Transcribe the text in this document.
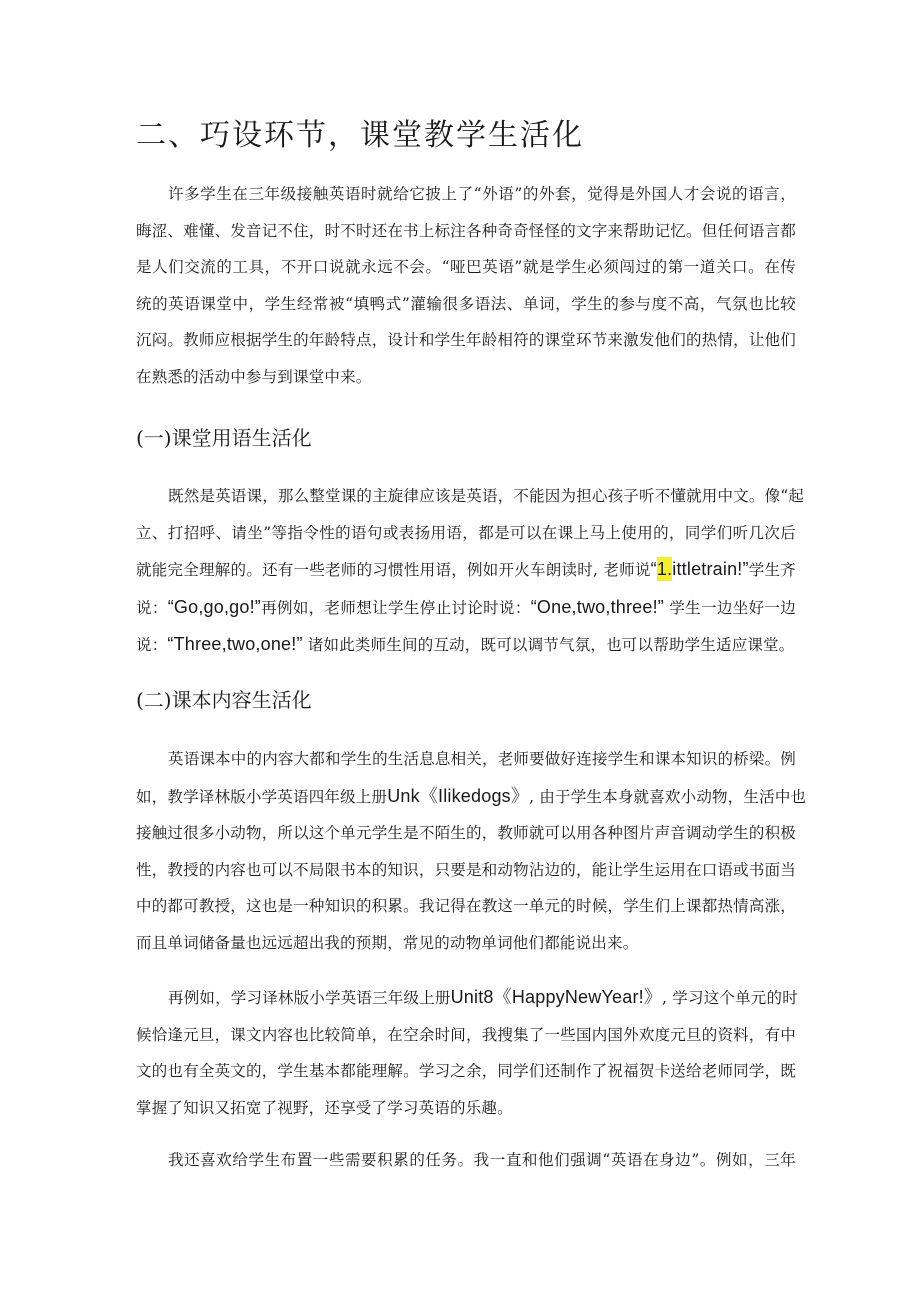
二、巧设环节，课堂教学生活化

许多学生在三年级接触英语时就给它披上了“外语”的外套，觉得是外国人才会说的语言，
晦涩、难懂、发音记不住，时不时还在书上标注各种奇奇怪怪的文字来帮助记忆。但任何语言都
是人们交流的工具，不开口说就永远不会。“哑巴英语”就是学生必须闯过的第一道关口。在传
统的英语课堂中，学生经常被“填鸭式”灌输很多语法、单词，学生的参与度不高，气氛也比较
沉闷。教师应根据学生的年龄特点，设计和学生年龄相符的课堂环节来激发他们的热情，让他们
在熟悉的活动中参与到课堂中来。

(一)课堂用语生活化

既然是英语课，那么整堂课的主旋律应该是英语，不能因为担心孩子听不懂就用中文。像“起
立、打招呼、请坐”等指令性的语句或表扬用语，都是可以在课上马上使用的，同学们听几次后
就能完全理解的。还有一些老师的习惯性用语，例如开火车朗读时, 老师说“1.ittletrain!”学生齐
说：“Go,go,go!”再例如，老师想让学生停止讨论时说：“One,two,three!” 学生一边坐好一边
说：“Three,two,one!” 诸如此类师生间的互动，既可以调节气氛，也可以帮助学生适应课堂。

(二)课本内容生活化

英语课本中的内容大都和学生的生活息息相关，老师要做好连接学生和课本知识的桥梁。例
如，教学译林版小学英语四年级上册Unk《Ilikedogs》, 由于学生本身就喜欢小动物，生活中也
接触过很多小动物，所以这个单元学生是不陌生的，教师就可以用各种图片声音调动学生的积极
性，教授的内容也可以不局限书本的知识，只要是和动物沾边的，能让学生运用在口语或书面当
中的都可教授，这也是一种知识的积累。我记得在教这一单元的时候，学生们上课都热情高涨，
而且单词储备量也远远超出我的预期，常见的动物单词他们都能说出来。

再例如，学习译林版小学英语三年级上册Unit8《HappyNewYear!》, 学习这个单元的时
候恰逢元旦，课文内容也比较简单，在空余时间，我搜集了一些国内国外欢度元旦的资料，有中
文的也有全英文的，学生基本都能理解。学习之余，同学们还制作了祝福贺卡送给老师同学，既
掌握了知识又拓宽了视野，还享受了学习英语的乐趣。

我还喜欢给学生布置一些需要积累的任务。我一直和他们强调“英语在身边”。例如，三年
